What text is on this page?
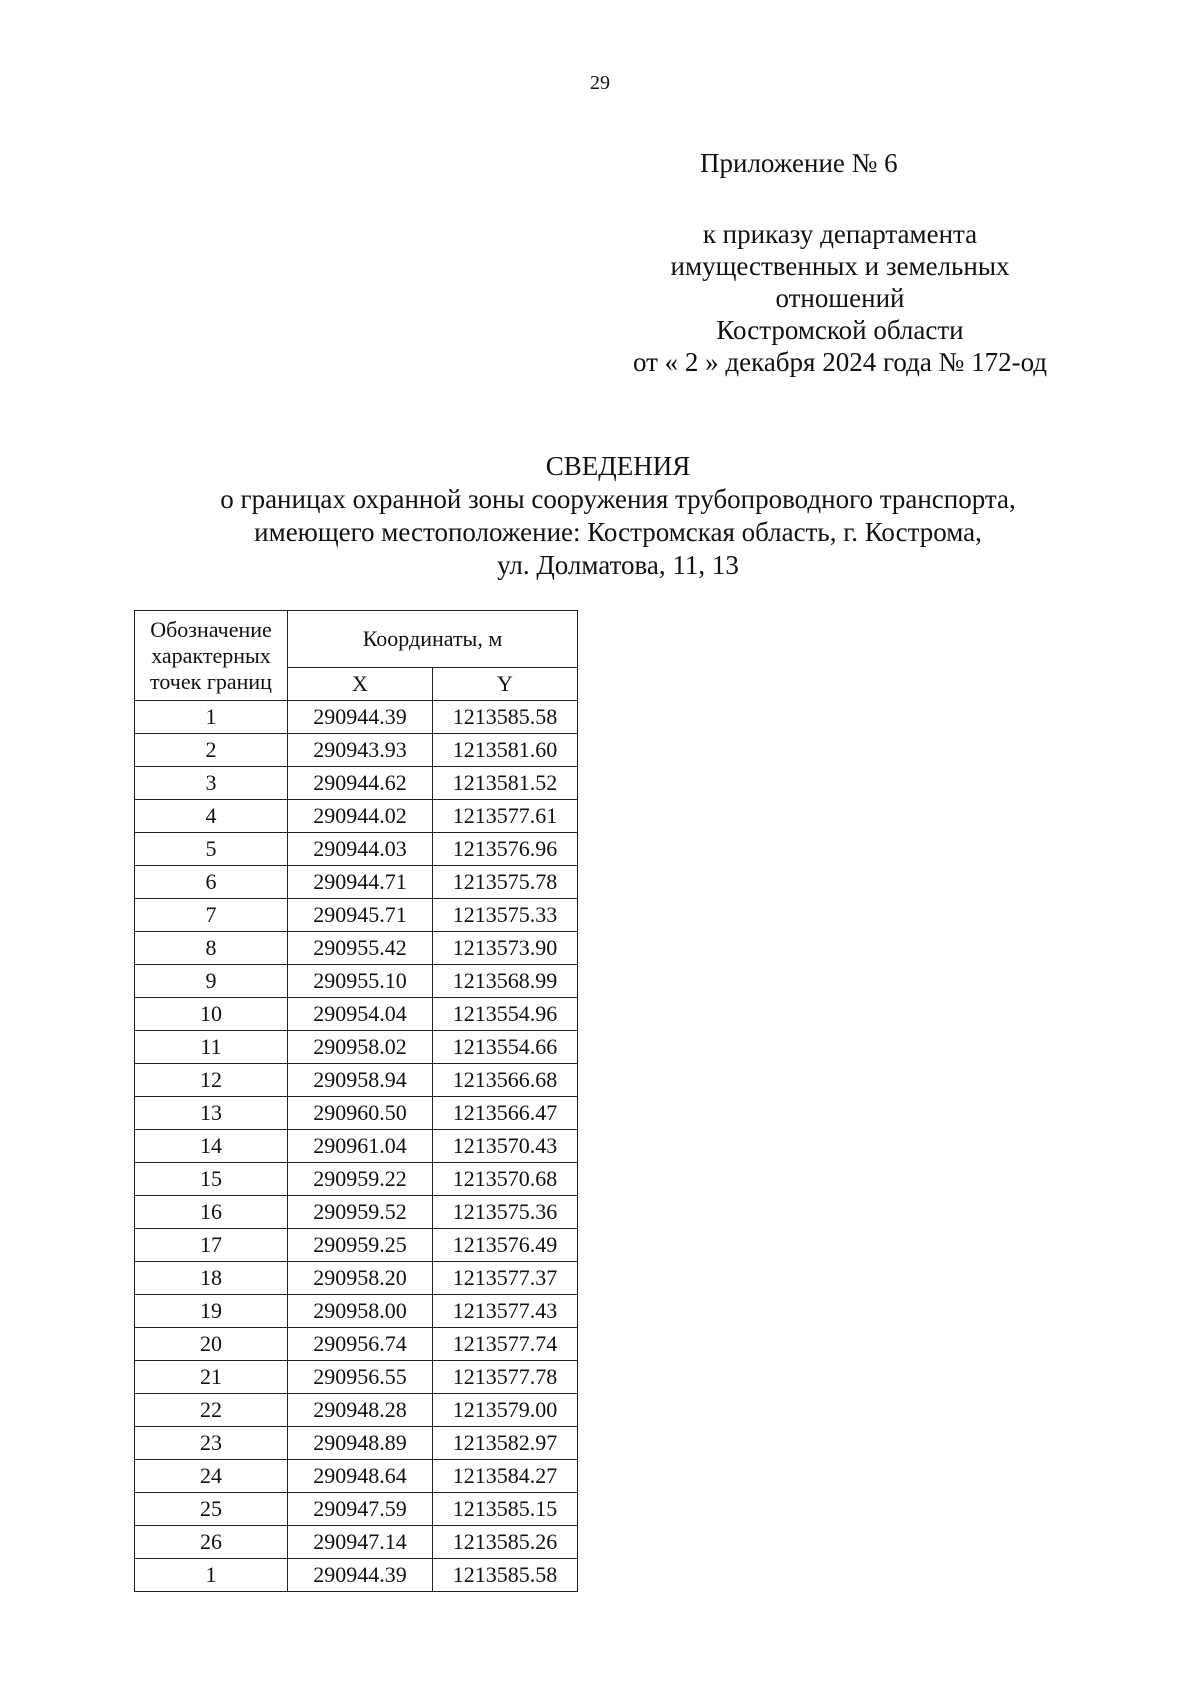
29
Приложение № 6
к приказу департамента
имущественных и земельных
отношений
Костромской области
от « 2 » декабря 2024 года № 172-од
СВЕДЕНИЯ
о границах охранной зоны сооружения трубопроводного транспорта,
имеющего местоположение: Костромская область, г. Кострома,
ул. Долматова, 11, 13
Обозначение
характерных
точек границ	Координаты, м	
	X	Y
1	290944.39	1213585.58
2	290943.93	1213581.60
3	290944.62	1213581.52
4	290944.02	1213577.61
5	290944.03	1213576.96
6	290944.71	1213575.78
7	290945.71	1213575.33
8	290955.42	1213573.90
9	290955.10	1213568.99
10	290954.04	1213554.96
11	290958.02	1213554.66
12	290958.94	1213566.68
13	290960.50	1213566.47
14	290961.04	1213570.43
15	290959.22	1213570.68
16	290959.52	1213575.36
17	290959.25	1213576.49
18	290958.20	1213577.37
19	290958.00	1213577.43
20	290956.74	1213577.74
21	290956.55	1213577.78
22	290948.28	1213579.00
23	290948.89	1213582.97
24	290948.64	1213584.27
25	290947.59	1213585.15
26	290947.14	1213585.26
1	290944.39	1213585.58
